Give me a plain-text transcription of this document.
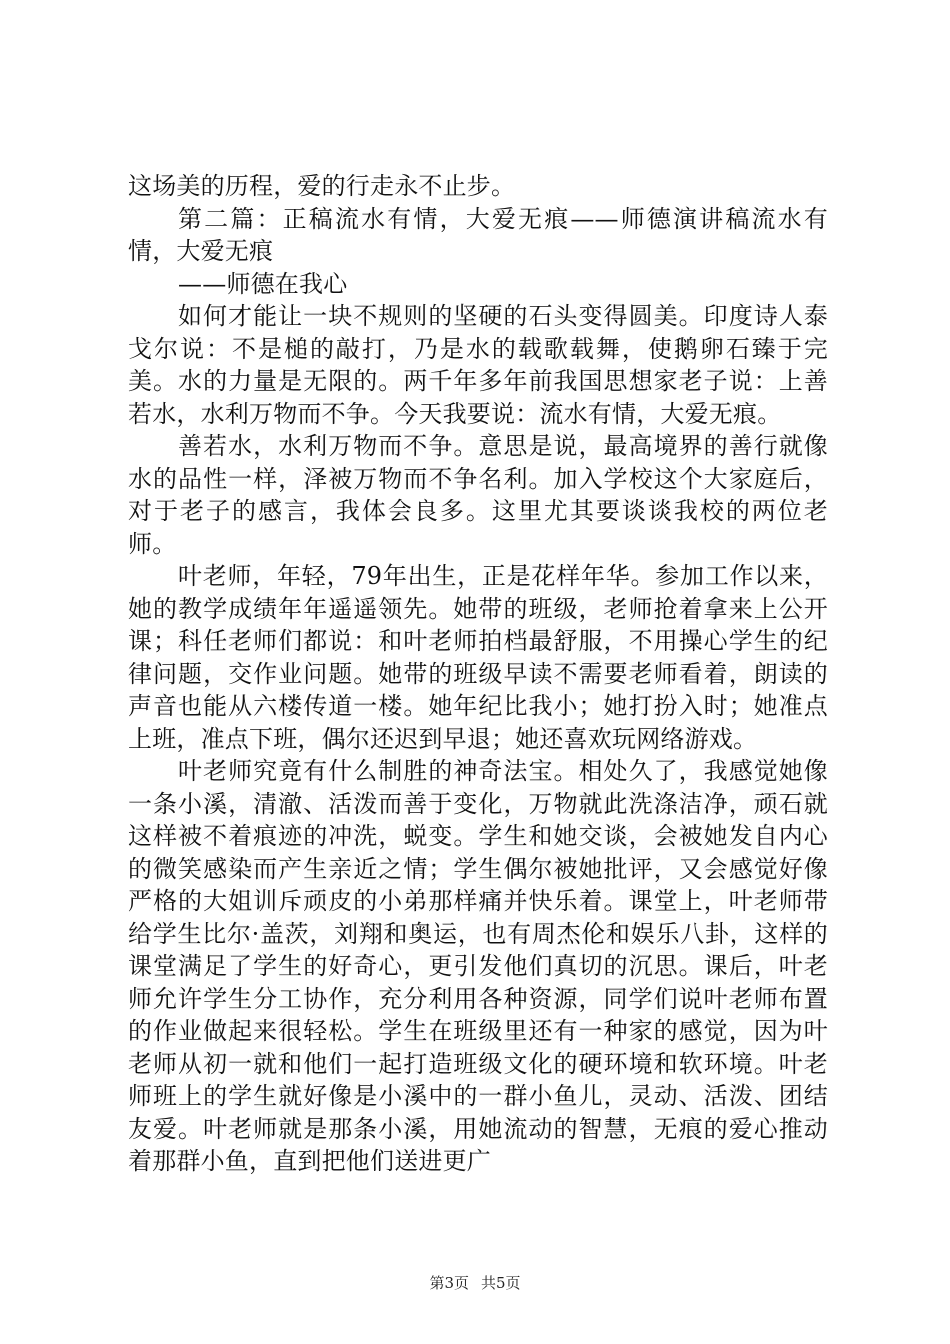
这场美的历程，爱的行走永不止步。

第二篇：正稿流水有情，大爱无痕——师德演讲稿流水有情，大爱无痕

——师德在我心

如何才能让一块不规则的坚硬的石头变得圆美。印度诗人泰戈尔说：不是槌的敲打，乃是水的载歌载舞，使鹅卵石臻于完美。水的力量是无限的。两千年多年前我国思想家老子说：上善若水，水利万物而不争。今天我要说：流水有情，大爱无痕。

善若水，水利万物而不争。意思是说，最高境界的善行就像水的品性一样，泽被万物而不争名利。加入学校这个大家庭后，对于老子的感言，我体会良多。这里尤其要谈谈我校的两位老师。

叶老师，年轻，79年出生，正是花样年华。参加工作以来，她的教学成绩年年遥遥领先。她带的班级，老师抢着拿来上公开课；科任老师们都说：和叶老师拍档最舒服，不用操心学生的纪律问题，交作业问题。她带的班级早读不需要老师看着，朗读的声音也能从六楼传道一楼。她年纪比我小；她打扮入时；她准点上班，准点下班，偶尔还迟到早退；她还喜欢玩网络游戏。

叶老师究竟有什么制胜的神奇法宝。相处久了，我感觉她像一条小溪，清澈、活泼而善于变化，万物就此洗涤洁净，顽石就这样被不着痕迹的冲洗，蜕变。学生和她交谈，会被她发自内心的微笑感染而产生亲近之情；学生偶尔被她批评，又会感觉好像严格的大姐训斥顽皮的小弟那样痛并快乐着。课堂上，叶老师带给学生比尔·盖茨，刘翔和奥运，也有周杰伦和娱乐八卦，这样的课堂满足了学生的好奇心，更引发他们真切的沉思。课后，叶老师允许学生分工协作，充分利用各种资源，同学们说叶老师布置的作业做起来很轻松。学生在班级里还有一种家的感觉，因为叶老师从初一就和他们一起打造班级文化的硬环境和软环境。叶老师班上的学生就好像是小溪中的一群小鱼儿，灵动、活泼、团结友爱。叶老师就是那条小溪，用她流动的智慧，无痕的爱心推动着那群小鱼，直到把他们送进更广

第3页 共5页
